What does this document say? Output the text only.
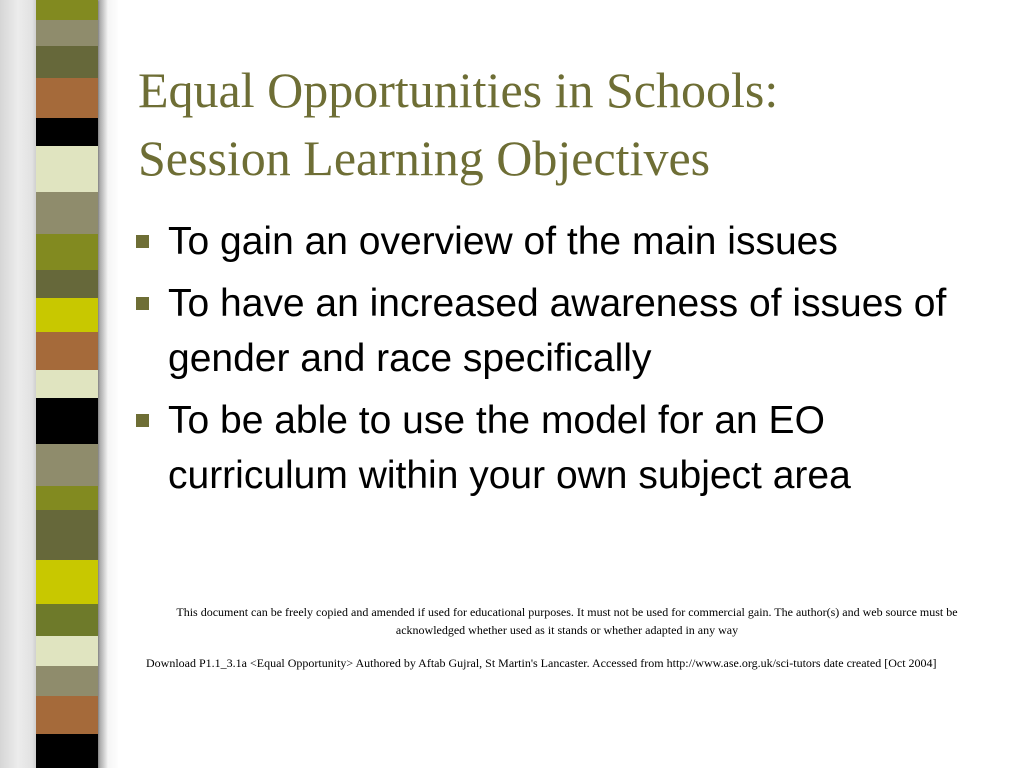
Equal Opportunities in Schools:
Session Learning Objectives
To gain an overview of the main issues
To have an increased awareness of issues of gender and race specifically
To be able to use the model for an EO curriculum within your own subject area
This document can be freely copied and amended if used for educational purposes. It must not be used for commercial gain. The author(s) and web source must be acknowledged whether used as it stands or whether adapted in any way
Download P1.1_3.1a <Equal Opportunity> Authored by Aftab Gujral, St Martin's Lancaster. Accessed from http://www.ase.org.uk/sci-tutors date created [Oct 2004]
